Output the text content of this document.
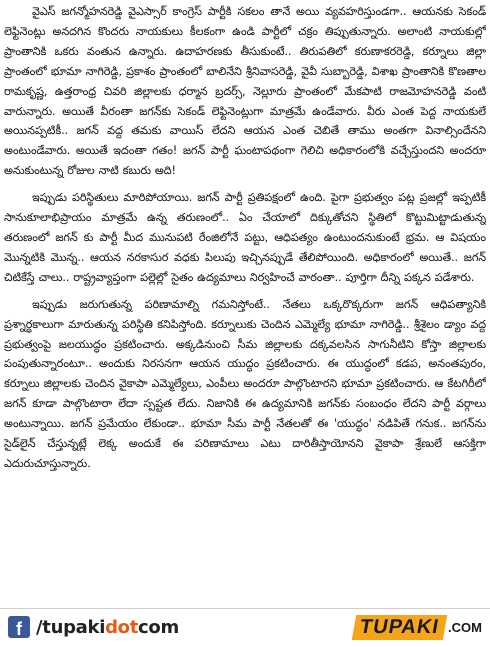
వైఎస్ జగన్మోహనరెడ్డి వైఎస్సార్ కాంగ్రెస్ పార్టీకి సకలం తానే అయి వ్యవహరిస్తుండగా.. ఆయనకు సెకండ్ లెఫ్టినెంట్లు అనదగిన కొందరు నాయకులు కీలకంగా ఉండి పార్టీలో చక్రం తిప్పుతున్నారు. అలాంటి నాయకుల్లో ప్రాంతానికి ఒకరు వంతున ఉన్నారు. ఉదాహరణకు తీసుకుంటే.. తిరుపతిలో కరుణాకరరెడ్డి, కర్నూలు జిల్లా ప్రాంతంలో భూమా నాగిరెడ్డి, ప్రకాశం ప్రాంతంలో బాలినేని శ్రీనివాసరెడ్డి, వైవీ సుబ్బారెడ్డి, విశాఖ ప్రాంతానికి కొణతాల రామకృష్ణ, ఉత్తరాంధ్ర చివరి జిల్లాలకు ధర్మాన బ్రదర్స్, నెల్లూరు ప్రాంతంలో మేకపాటి రాజమోహనరెడ్డి వంటి వారున్నారు. అయితే వీరంతా జగన్‌కు సెకండ్ లెఫ్టినెంట్లుగా మాత్రమే ఉండేవారు. వీరు ఎంత పెద్ద నాయకులే అయినప్పటికీ.. జగన్ వద్ద తమకు వాయిస్ లేదని ఆయన ఎంత చెబితే తాము అంతగా వినాల్సిందేనని అంటుండేవారు. అయితే ఇదంతా గతం! జగన్ పార్టీ ఘంటాపథంగా గెలిచి అధికారంలోకి వచ్చేస్తుందని అందరూ అనుకుంటున్న రోజుల నాటి కబురు అది!

ఇప్పుడు పరిస్థితులు మారిపోయాయి. జగన్ పార్టీ ప్రతిపక్షంలో ఉంది. పైగా ప్రభుత్వం పట్ల ప్రజల్లో ఇప్పటికీ సానుకూలాభిప్రాయం మాత్రమే ఉన్న తరుణంలో.. ఏం చేయాలో దిక్కుతోచని స్థితిలో కొట్టుమిట్టాడుతున్న తరుణంలో జగన్ కు పార్టీ మీద మునుపటి రేంజిలోనే పట్టు, ఆధిపత్యం ఉంటుందనుకుంటే భ్రమ. ఆ విషయం మొన్నటికి మొన్న.. ఆయన నరకాసుర వధకు పిలుపు ఇచ్చినప్పుడే తేలిపోయింది. అధికారంలో అయితే.. జగన్ చిటికేస్తే చాలు.. రాష్ట్రవ్యాప్తంగా పల్లెల్లో సైతం ఉద్యమాలు నిర్వహించే వారంతా.. పూర్తిగా దీన్ని పక్కన పడేశారు.

ఇప్పుడు జరుగుతున్న పరిణామాల్ని గమనిస్తోంటే.. నేతలు ఒక్కరొక్కరుగా జగన్ ఆధిపత్యానికి ప్రశ్నార్థకాలుగా మారుతున్న పరిస్థితి కనిపిస్తోంది. కర్నూలుకు చెందిన ఎమ్మెల్యే భూమా నాగిరెడ్డి.. శ్రీశైలం డ్యాం వద్ద ప్రభుత్వంపై జలయుద్ధం ప్రకటించారు. అక్కడినుంచి సీమ జిల్లాలకు దక్కవలసిన సాగునీటిని కోస్తా జిల్లాలకు పంపుతున్నారంటూ.. అందుకు నిరసనగా ఆయన యుద్ధం ప్రకటించారు. ఈ యుద్ధంలో కడప, అనంతపురం, కర్నూలు జిల్లాలకు చెందిన వైకాపా ఎమ్మెల్యేలు, ఎంపీలు అందరూ పాల్గొంటారని భూమా ప్రకటించారు. ఆ కేటగిరీలో జగన్ కూడా పాల్గొంటారా లేదా స్పష్టత లేదు. నిజానికి ఈ ఉద్యమానికి జగన్‌కు సంబంధం లేదని పార్టీ వర్గాలు అంటున్నాయి. జగన్ ప్రమేయం లేకుండా.. భూమా సీమ పార్టీ నేతలతో ఈ 'యుద్ధం' నడిపితే గనుక.. జగన్‌ను సైడ్‌లైన్ చేస్తున్నట్లే లెక్క అందుకే ఈ పరిణామాలు ఎటు దారితీస్తాయోనని వైకాపా శ్రేణులే ఆసక్తిగా ఎదురుచూస్తున్నారు.

f /tupakidotcom	TUPAKI .COM
